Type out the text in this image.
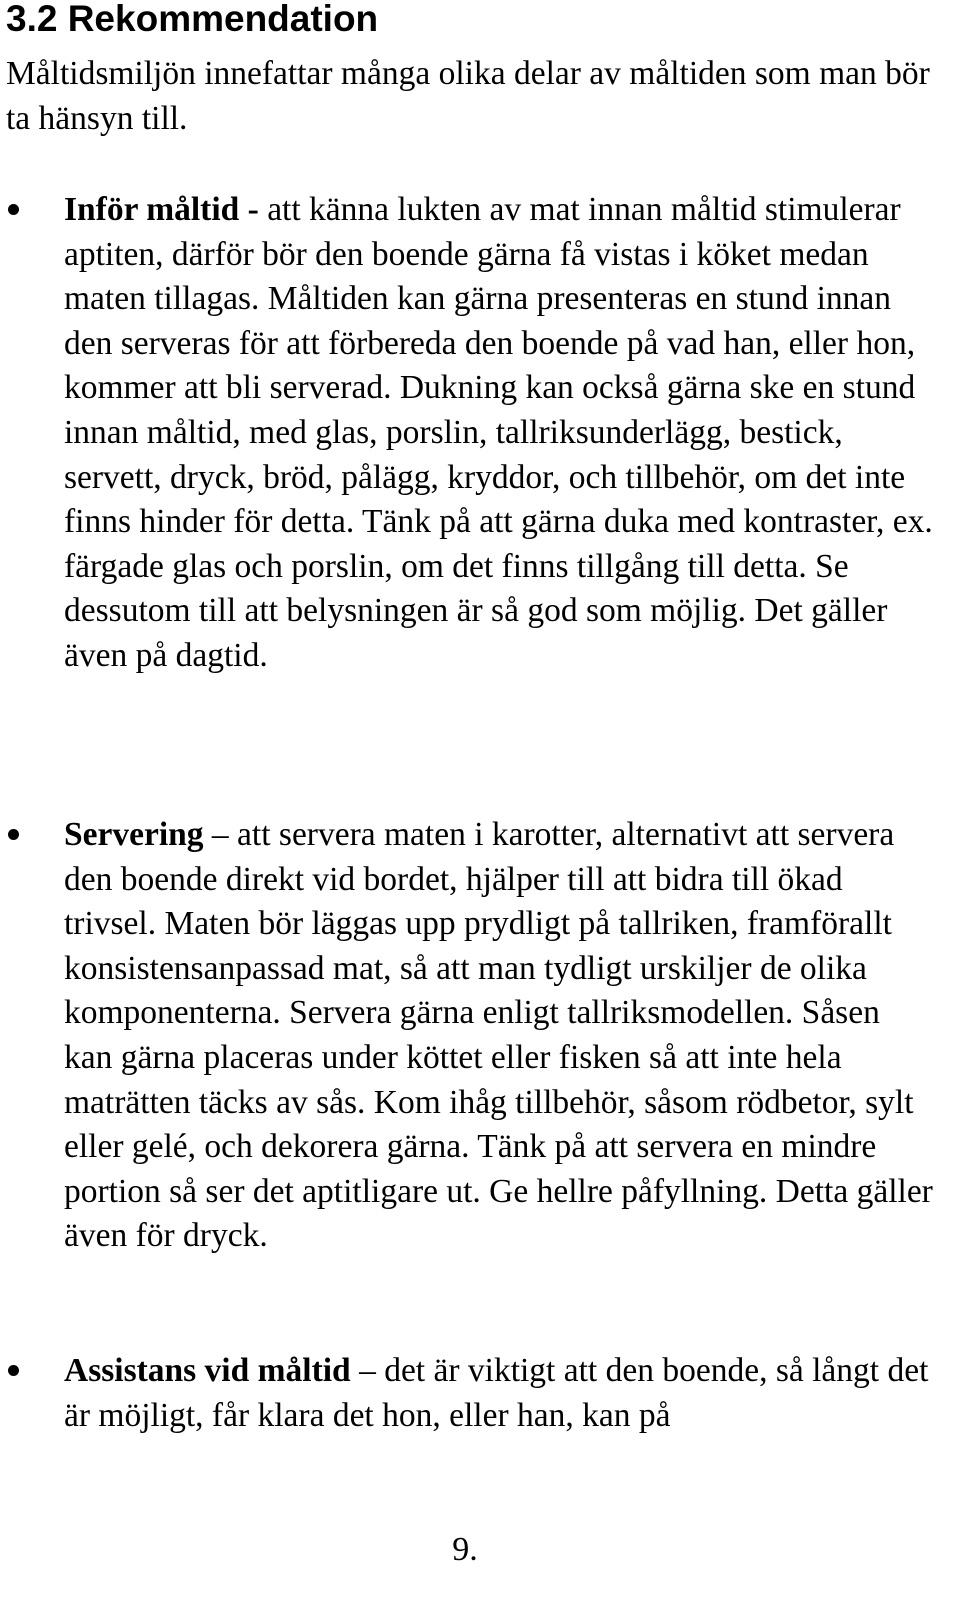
3.2 Rekommendation

Måltidsmiljön innefattar många olika delar av måltiden som man bör ta hänsyn till.

Inför måltid - att känna lukten av mat innan måltid stimulerar aptiten, därför bör den boende gärna få vistas i köket medan maten tillagas. Måltiden kan gärna presenteras en stund innan den serveras för att förbereda den boende på vad han, eller hon, kommer att bli serverad. Dukning kan också gärna ske en stund innan måltid, med glas, porslin, tallriksunderlägg, bestick, servett, dryck, bröd, pålägg, kryddor, och tillbehör, om det inte finns hinder för detta. Tänk på att gärna duka med kontraster, ex. färgade glas och porslin, om det finns tillgång till detta. Se dessutom till att belysningen är så god som möjlig. Det gäller även på dagtid.

Servering – att servera maten i karotter, alternativt att servera den boende direkt vid bordet, hjälper till att bidra till ökad trivsel. Maten bör läggas upp prydligt på tallriken, framförallt konsistensanpassad mat, så att man tydligt urskiljer de olika komponenterna. Servera gärna enligt tallriksmodellen. Såsen kan gärna placeras under köttet eller fisken så att inte hela maträtten täcks av sås. Kom ihåg tillbehör, såsom rödbetor, sylt eller gelé, och dekorera gärna. Tänk på att servera en mindre portion så ser det aptitligare ut. Ge hellre påfyllning. Detta gäller även för dryck.

Assistans vid måltid – det är viktigt att den boende, så långt det är möjligt, får klara det hon, eller han, kan på

9.
